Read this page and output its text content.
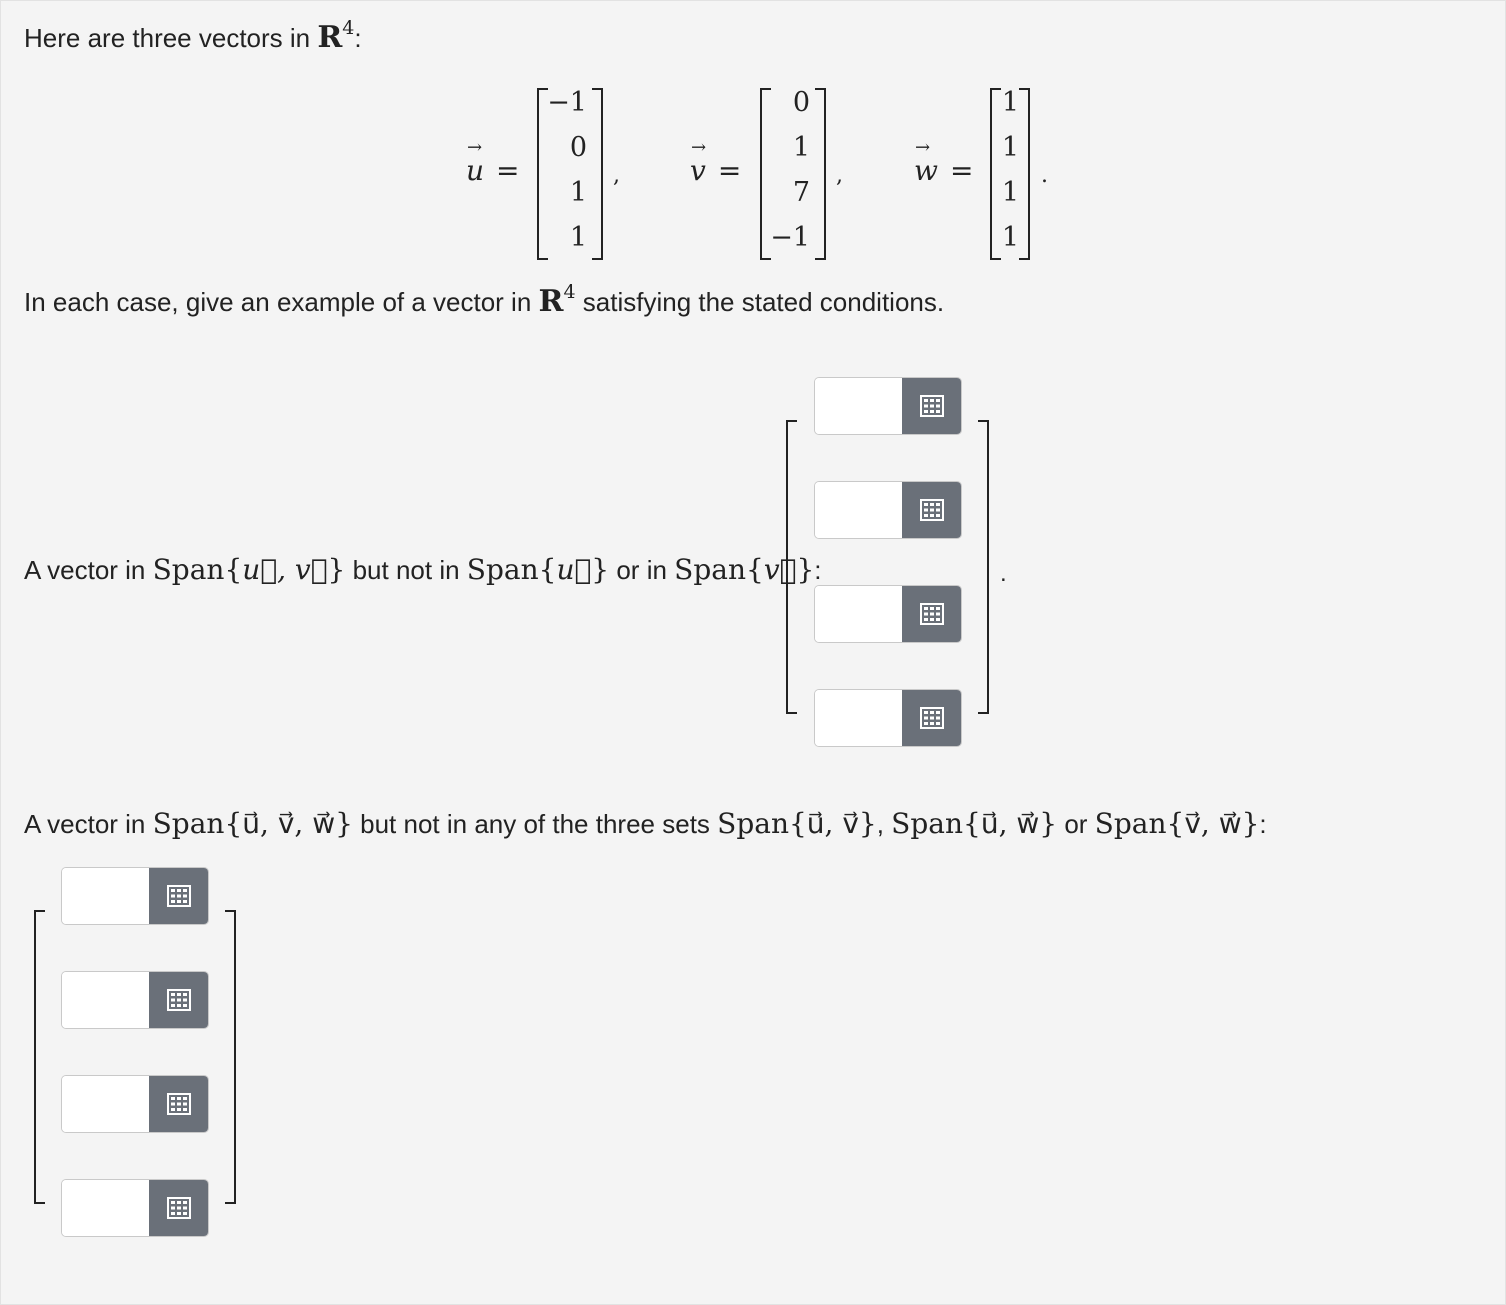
Here are three vectors in $R^4$:
→ u =
−1
0
1
1
,	→ v =
0
1
7
−1
,	→ w =
1
1
1
1
.
In each case, give an example of a vector in $R^4$ satisfying the stated conditions.
A vector in Span{u⃗, v⃗} but not in Span{u⃗} or in Span{v⃗}:	.
A vector in Span{u⃗, v⃗, w⃗} but not in any of the three sets Span{u⃗, v⃗}, Span{u⃗, w⃗} or Span{v⃗, w⃗}:
